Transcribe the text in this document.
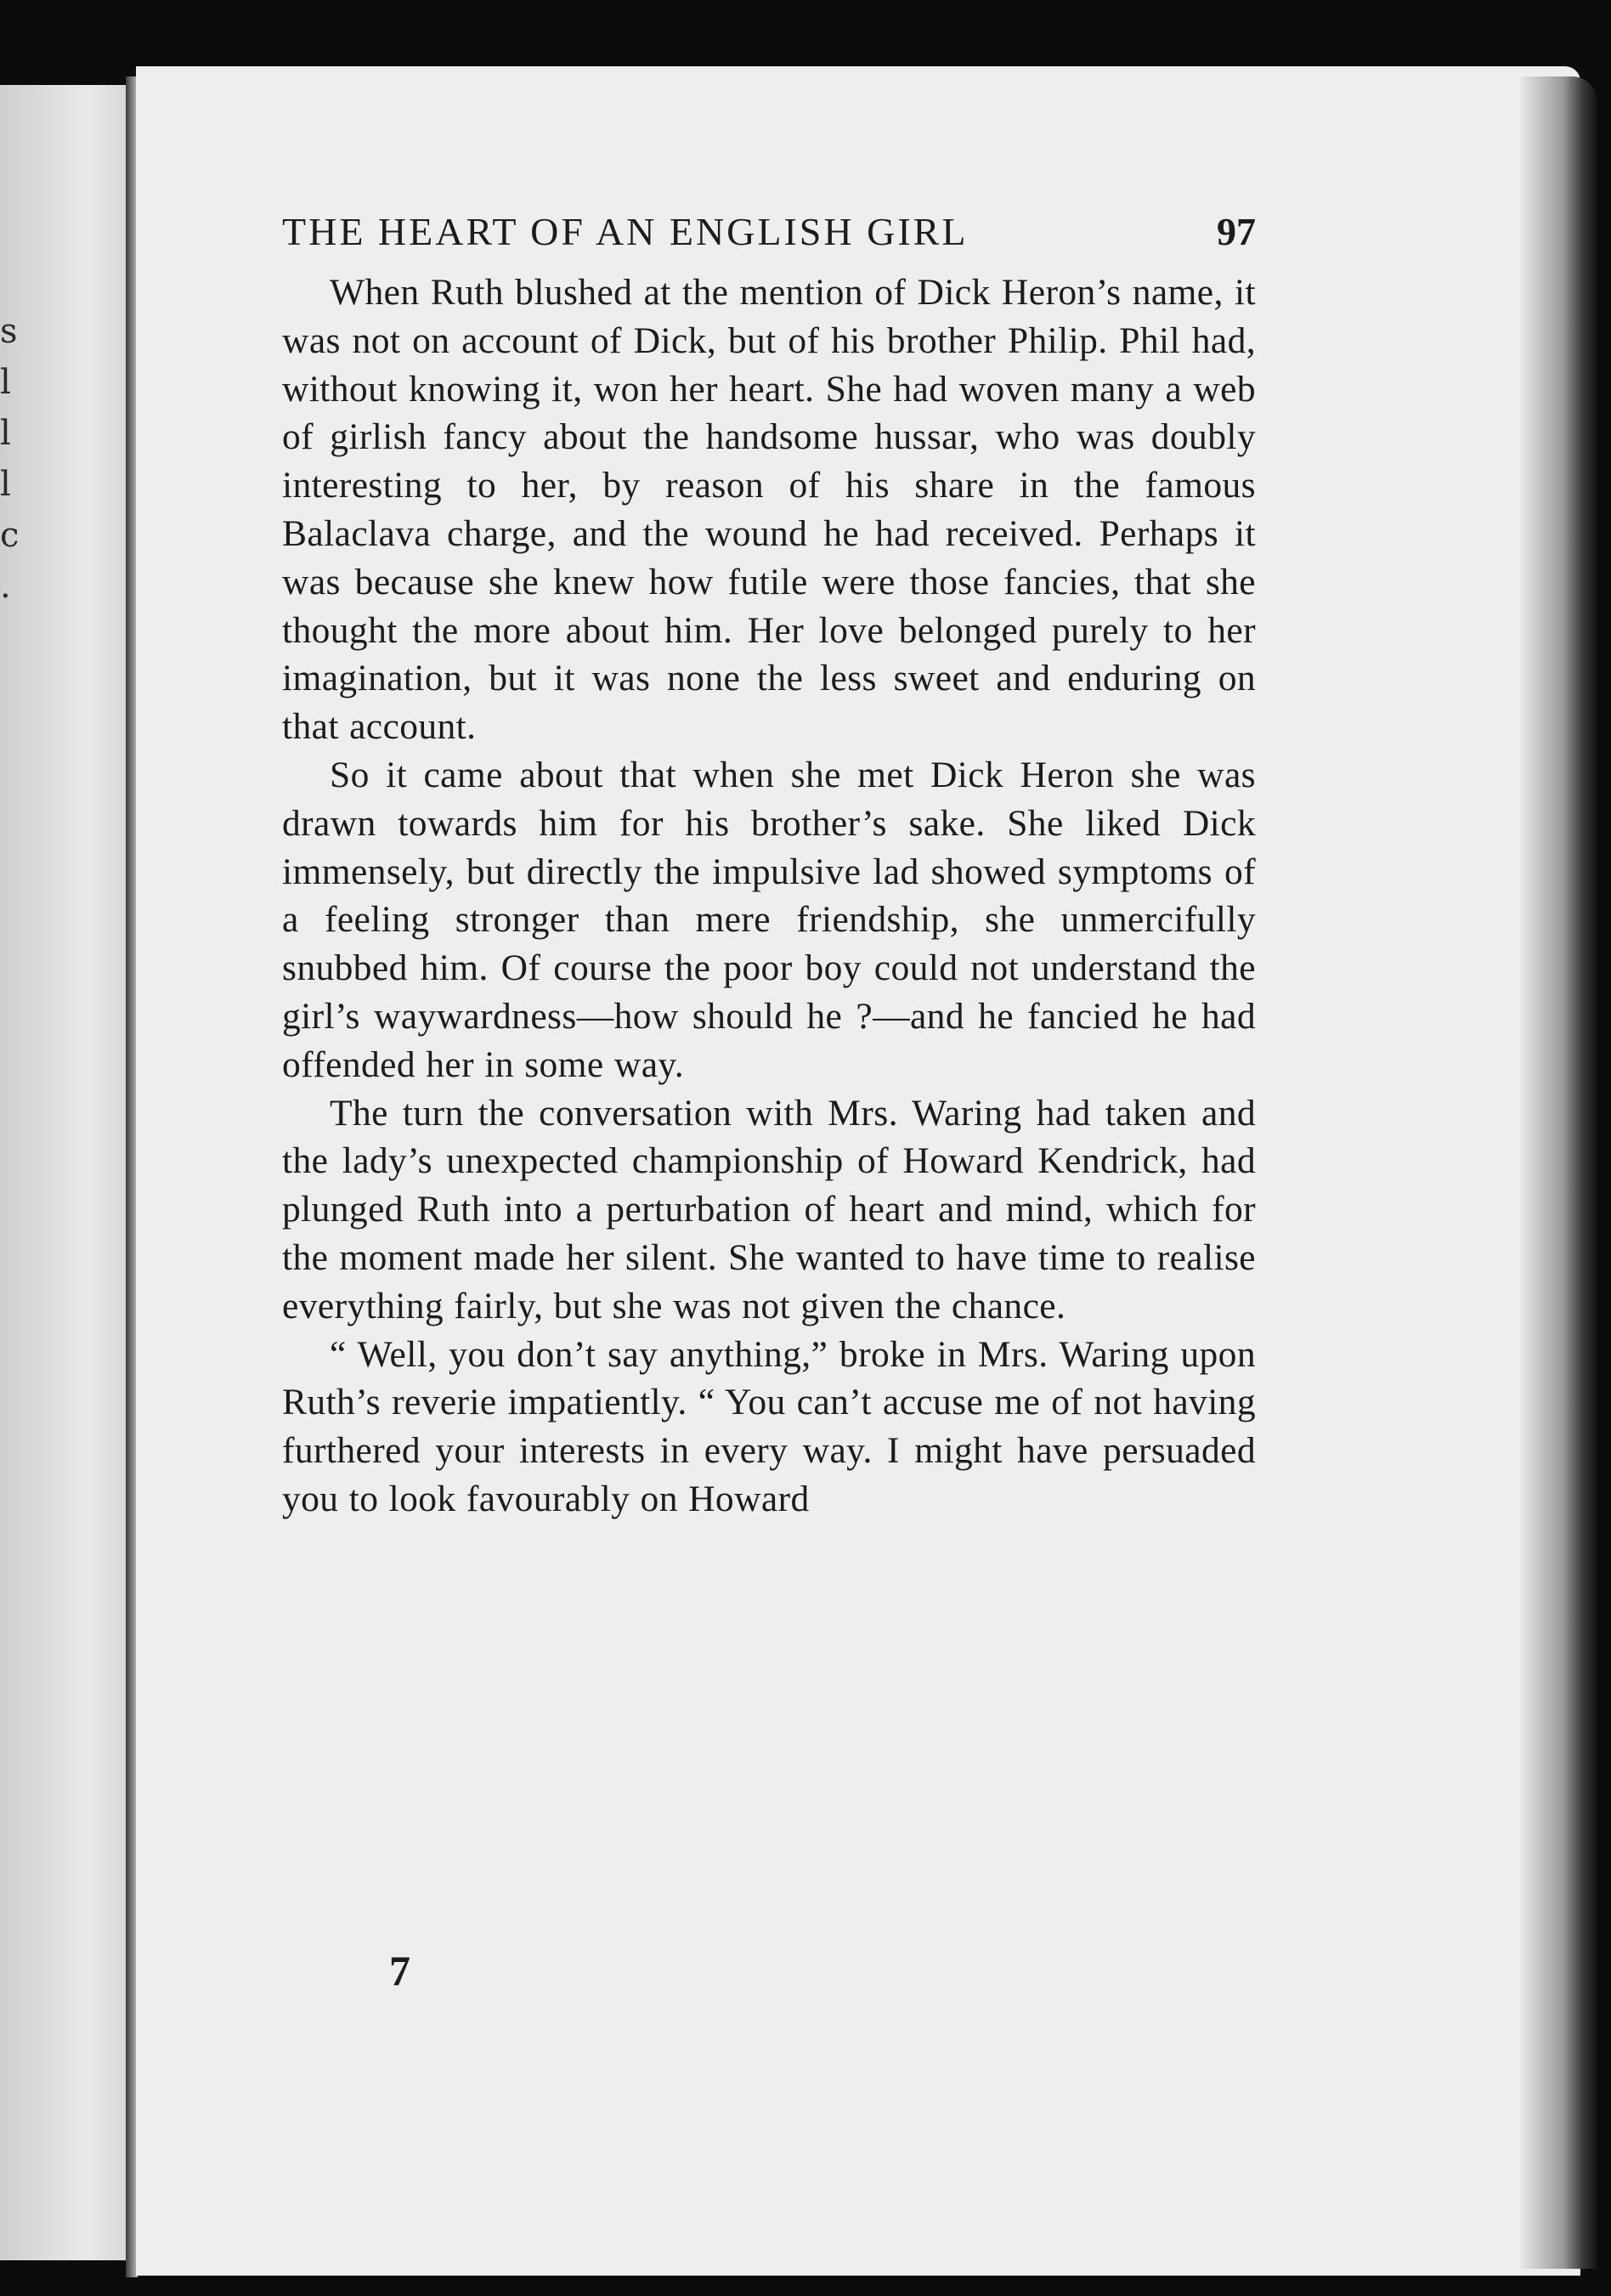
s
l
l
l
c
.
THE HEART OF AN ENGLISH GIRL	97

When Ruth blushed at the mention of Dick Heron’s name, it was not on account of Dick, but of his brother Philip. Phil had, without knowing it, won her heart. She had woven many a web of girlish fancy about the handsome hussar, who was doubly interesting to her, by reason of his share in the famous Balaclava charge, and the wound he had received. Perhaps it was because she knew how futile were those fancies, that she thought the more about him. Her love belonged purely to her imagination, but it was none the less sweet and enduring on that account.

So it came about that when she met Dick Heron she was drawn towards him for his brother’s sake. She liked Dick immensely, but directly the impulsive lad showed symptoms of a feeling stronger than mere friendship, she unmercifully snubbed him. Of course the poor boy could not understand the girl’s waywardness—how should he ?—and he fancied he had offended her in some way.

The turn the conversation with Mrs. Waring had taken and the lady’s unexpected championship of Howard Kendrick, had plunged Ruth into a perturbation of heart and mind, which for the moment made her silent. She wanted to have time to realise everything fairly, but she was not given the chance.

“ Well, you don’t say anything,” broke in Mrs. Waring upon Ruth’s reverie impatiently. “ You can’t accuse me of not having furthered your interests in every way. I might have persuaded you to look favourably on Howard

7
